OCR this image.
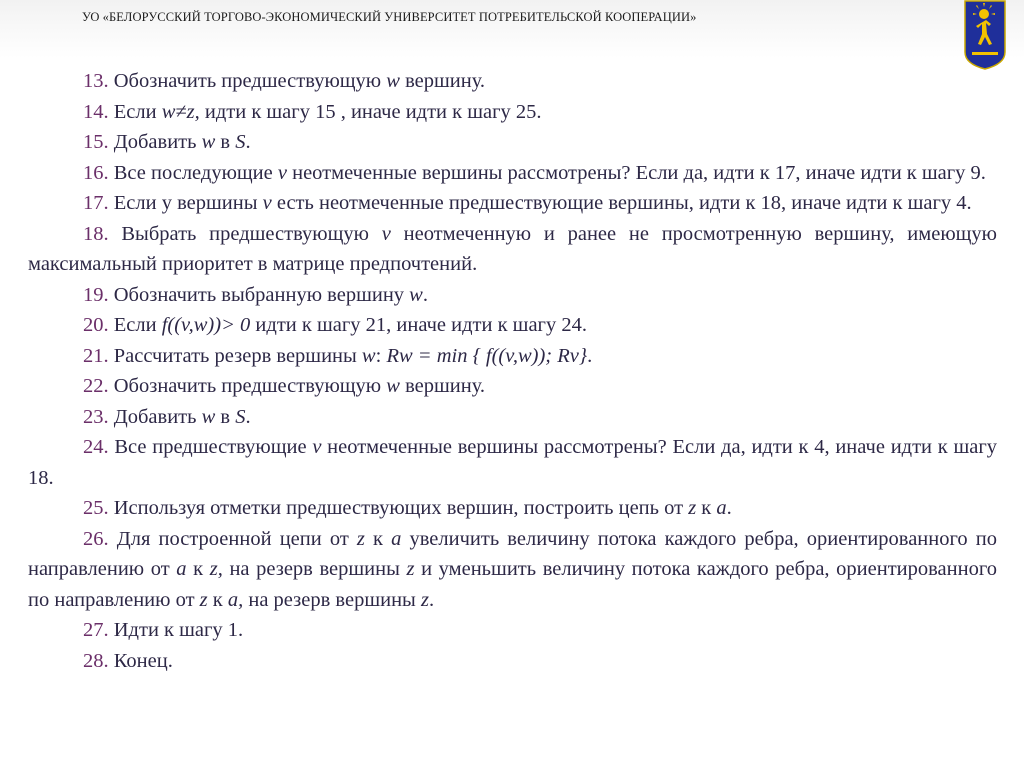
УО «БЕЛОРУССКИЙ ТОРГОВО-ЭКОНОМИЧЕСКИЙ УНИВЕРСИТЕТ ПОТРЕБИТЕЛЬСКОЙ КООПЕРАЦИИ»

13. Обозначить предшествующую w вершину.

14. Если w≠z, идти к шагу 15 , иначе идти к шагу 25.

15. Добавить w в S.

16. Все последующие v неотмеченные вершины рассмотрены? Если да, идти к 17, иначе идти к шагу 9.

17. Если у вершины v есть неотмеченные предшествующие вершины, идти к 18, иначе идти к шагу 4.

18. Выбрать предшествующую v неотмеченную и ранее не просмотренную вершину, имеющую максимальный приоритет в матрице предпочтений.

19. Обозначить выбранную вершину w.

20. Если f((v,w))> 0 идти к шагу 21, иначе идти к шагу 24.

21. Рассчитать резерв вершины w: Rw = min { f((v,w)); Rv}.

22. Обозначить предшествующую w вершину.

23. Добавить w в S.

24. Все предшествующие v неотмеченные вершины рассмотрены? Если да, идти к 4, иначе идти к шагу 18.

25. Используя отметки предшествующих вершин, построить цепь от z к a.

26. Для построенной цепи от z к a увеличить величину потока каждого ребра, ориентированного по направлению от a к z, на резерв вершины z и уменьшить величину потока каждого ребра, ориентированного по направлению от z к a, на резерв вершины z.

27. Идти к шагу 1.

28. Конец.
